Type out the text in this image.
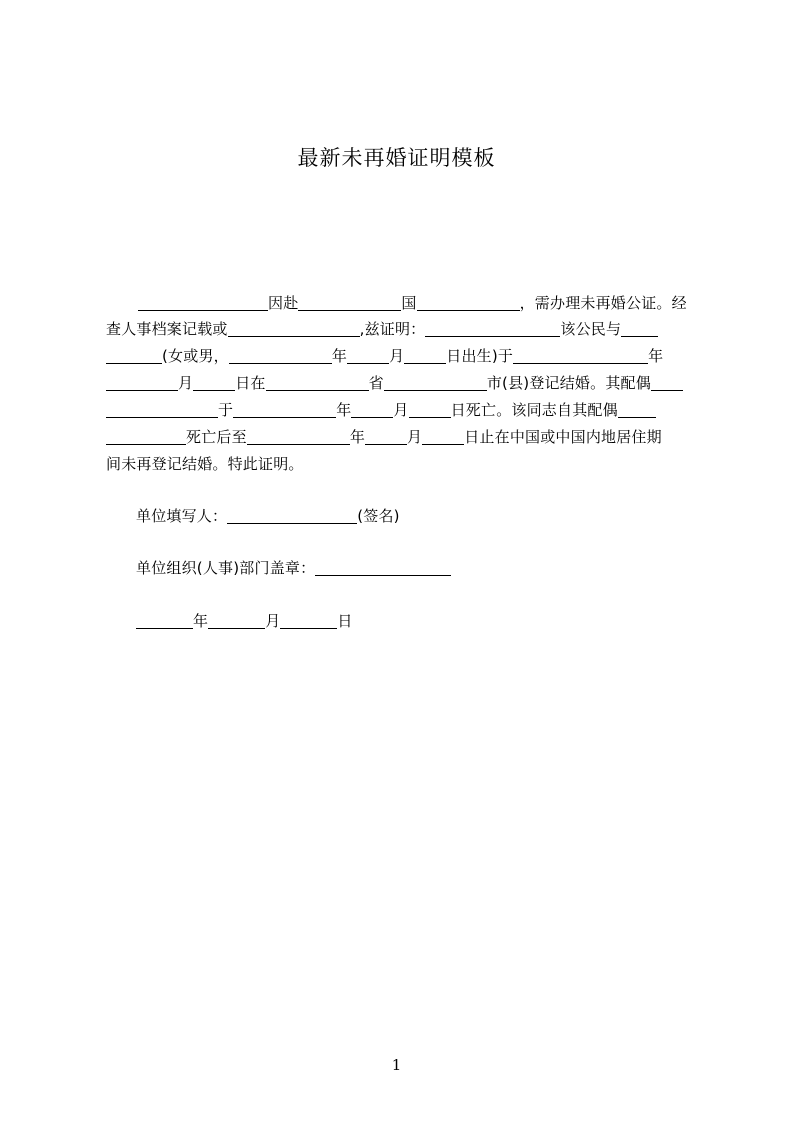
最新未再婚证明模板
因赴	国	，需办理未再婚公证。经
查人事档案记载或	,兹证明：	该公民与
(女或男，	年	月	日出生)于	年
月	日在	省	市(县)登记结婚。其配偶
于	年	月	日死亡。该同志自其配偶
死亡后至	年	月	日止在中国或中国内地居住期
间未再登记结婚。特此证明。
单位填写人：	(签名)
单位组织(人事)部门盖章：
年	月	日
1
